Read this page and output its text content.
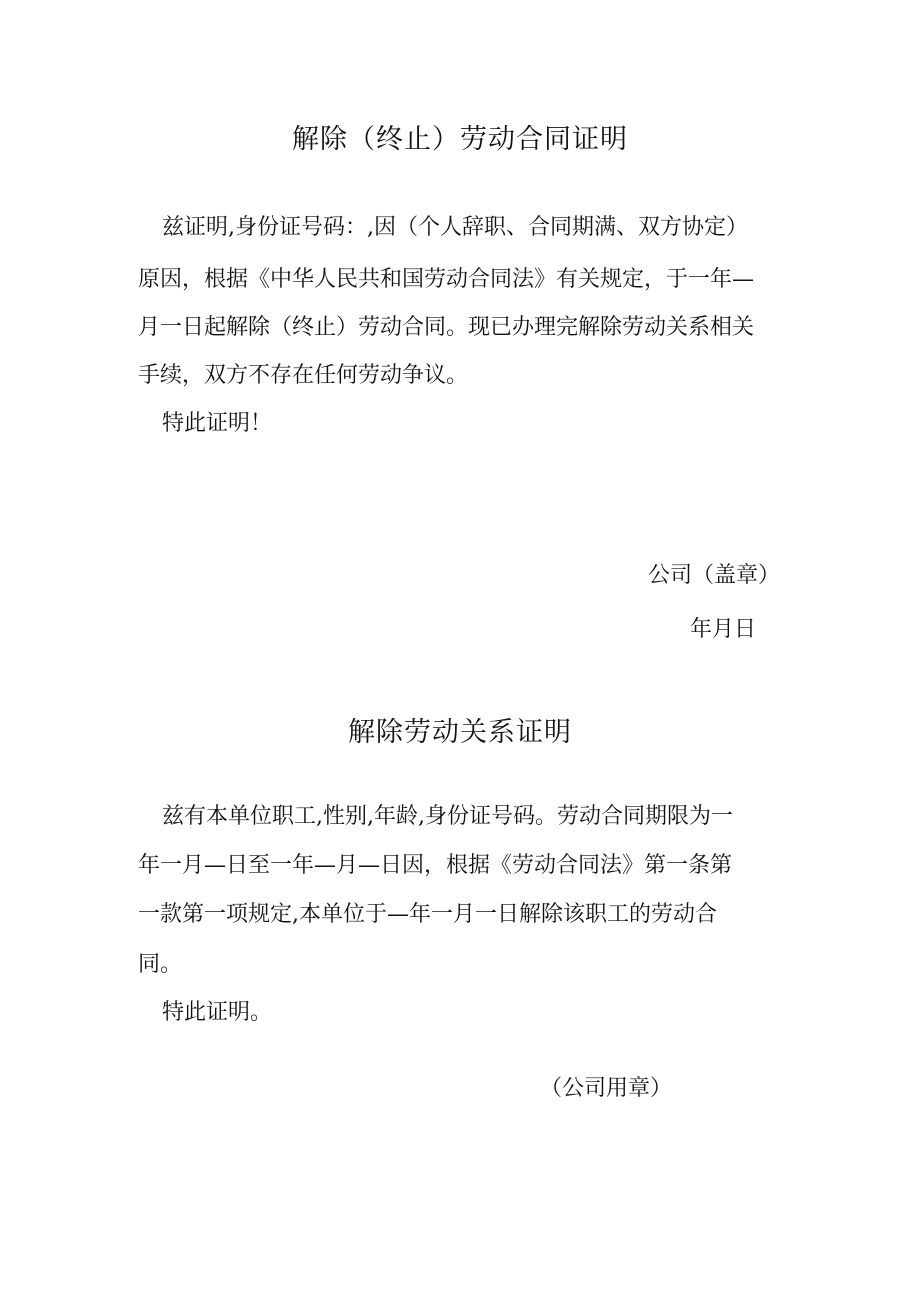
解除（终止）劳动合同证明
兹证明,身份证号码：,因（个人辞职、合同期满、双方协定）
原因，根据《中华人民共和国劳动合同法》有关规定，于一年—
月一日起解除（终止）劳动合同。现已办理完解除劳动关系相关
手续，双方不存在任何劳动争议。
特此证明！
公司（盖章）
年月日
解除劳动关系证明
兹有本单位职工,性别,年龄,身份证号码。劳动合同期限为一
年一月—日至一年—月—日因，根据《劳动合同法》第一条第
一款第一项规定,本单位于—年一月一日解除该职工的劳动合
同。
特此证明。
（公司用章）
